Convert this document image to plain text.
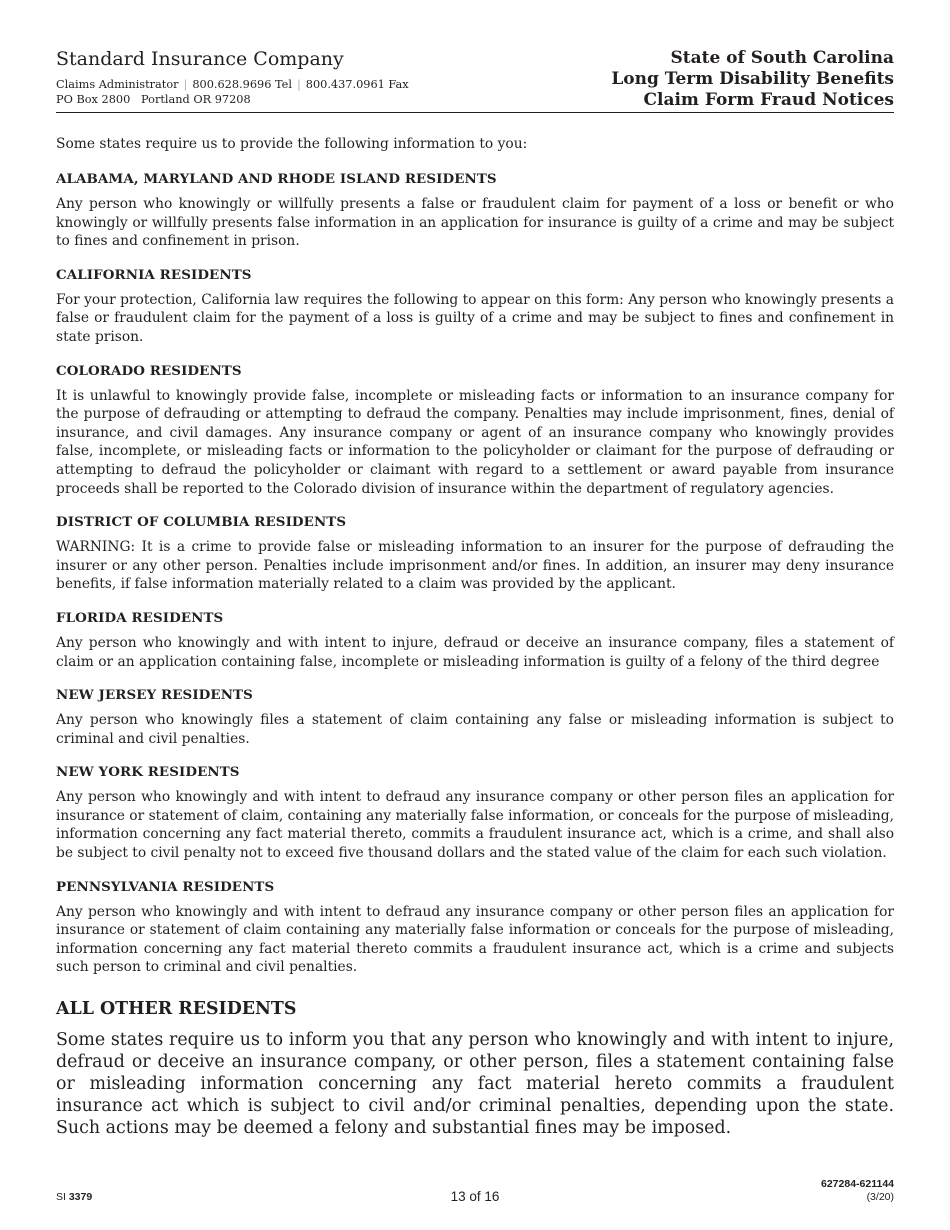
Standard Insurance Company
Claims Administrator | 800.628.9696 Tel | 800.437.0961 Fax
PO Box 2800   Portland OR 97208
State of South Carolina
Long Term Disability Benefits
Claim Form Fraud Notices

Some states require us to provide the following information to you:

ALABAMA, MARYLAND AND RHODE ISLAND RESIDENTS

Any person who knowingly or willfully presents a false or fraudulent claim for payment of a loss or benefit or who knowingly or willfully presents false information in an application for insurance is guilty of a crime and may be subject to fines and confinement in prison.

CALIFORNIA RESIDENTS

For your protection, California law requires the following to appear on this form: Any person who knowingly presents a false or fraudulent claim for the payment of a loss is guilty of a crime and may be subject to fines and confinement in state prison.

COLORADO RESIDENTS

It is unlawful to knowingly provide false, incomplete or misleading facts or information to an insurance company for the purpose of defrauding or attempting to defraud the company. Penalties may include imprisonment, fines, denial of insurance, and civil damages. Any insurance company or agent of an insurance company who knowingly provides false, incomplete, or misleading facts or information to the policyholder or claimant for the purpose of defrauding or attempting to defraud the policyholder or claimant with regard to a settlement or award payable from insurance proceeds shall be reported to the Colorado division of insurance within the department of regulatory agencies.

DISTRICT OF COLUMBIA RESIDENTS

WARNING: It is a crime to provide false or misleading information to an insurer for the purpose of defrauding the insurer or any other person. Penalties include imprisonment and/or fines. In addition, an insurer may deny insurance benefits, if false information materially related to a claim was provided by the applicant.

FLORIDA RESIDENTS

Any person who knowingly and with intent to injure, defraud or deceive an insurance company, files a statement of claim or an application containing false, incomplete or misleading information is guilty of a felony of the third degree

NEW JERSEY RESIDENTS

Any person who knowingly files a statement of claim containing any false or misleading information is subject to criminal and civil penalties.

NEW YORK RESIDENTS

Any person who knowingly and with intent to defraud any insurance company or other person files an application for insurance or statement of claim, containing any materially false information, or conceals for the purpose of misleading, information concerning any fact material thereto, commits a fraudulent insurance act, which is a crime, and shall also be subject to civil penalty not to exceed five thousand dollars and the stated value of the claim for each such violation.

PENNSYLVANIA RESIDENTS

Any person who knowingly and with intent to defraud any insurance company or other person files an application for insurance or statement of claim containing any materially false information or conceals for the purpose of misleading, information concerning any fact material thereto commits a fraudulent insurance act, which is a crime and subjects such person to criminal and civil penalties.

ALL OTHER RESIDENTS

Some states require us to inform you that any person who knowingly and with intent to injure, defraud or deceive an insurance company, or other person, files a statement containing false or misleading information concerning any fact material hereto commits a fraudulent insurance act which is subject to civil and/or criminal penalties, depending upon the state. Such actions may be deemed a felony and substantial fines may be imposed.

SI 3379	13 of 16
627284-621144
(3/20)
